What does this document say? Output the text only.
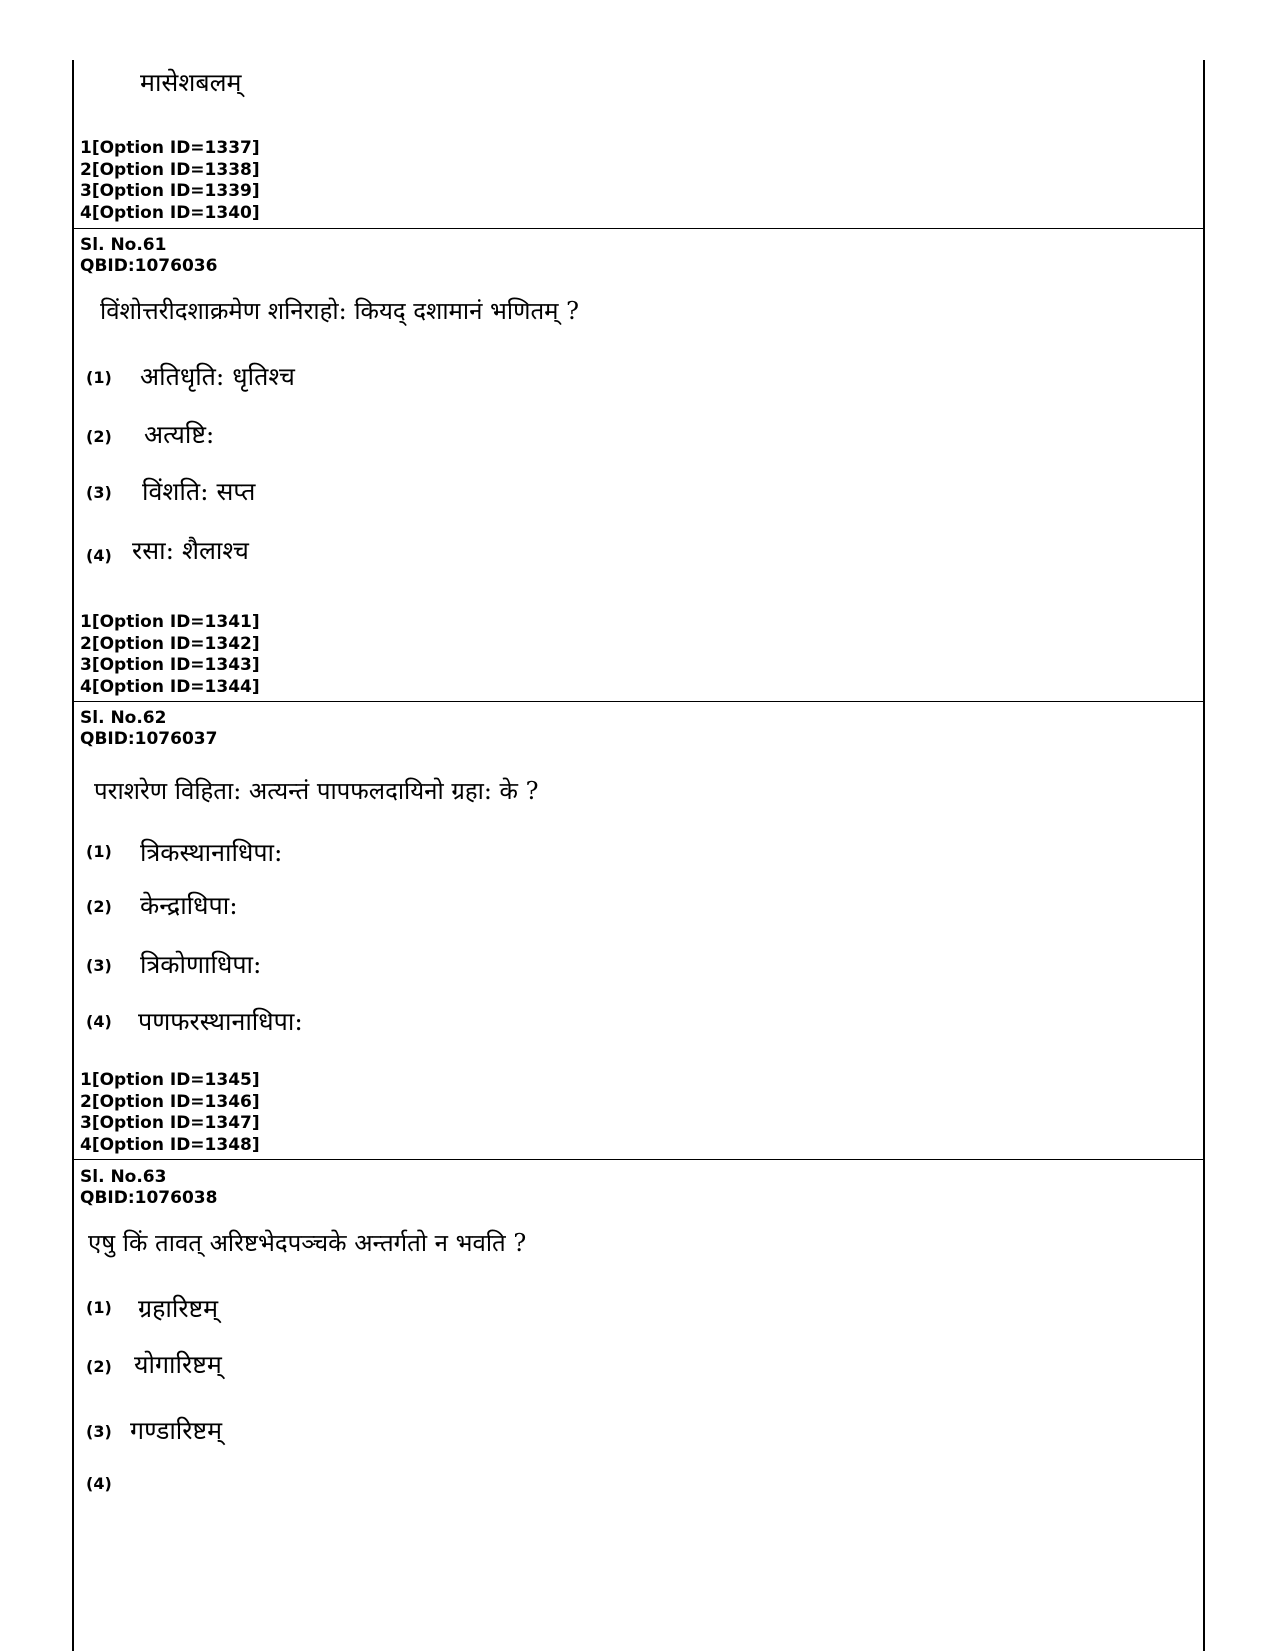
मासेशबलम्
1[Option ID=1337]
2[Option ID=1338]
3[Option ID=1339]
4[Option ID=1340]
Sl. No.61
QBID:1076036
विंशोत्तरीदशाक्रमेण शनिराहो: कियद् दशामानं भणितम् ?
(1) अतिधृति: धृतिश्च
(2) अत्यष्टि:
(3) विंशति: सप्त
(4) रसा: शैलाश्च
1[Option ID=1341]
2[Option ID=1342]
3[Option ID=1343]
4[Option ID=1344]
Sl. No.62
QBID:1076037
पराशरेण विहिता: अत्यन्तं पापफलदायिनो ग्रहा: के ?
(1) त्रिकस्थानाधिपा:
(2) केन्द्राधिपा:
(3) त्रिकोणाधिपा:
(4) पणफरस्थानाधिपा:
1[Option ID=1345]
2[Option ID=1346]
3[Option ID=1347]
4[Option ID=1348]
Sl. No.63
QBID:1076038
एषु किं तावत् अरिष्टभेदपञ्चके अन्तर्गतो न भवति ?
(1) ग्रहारिष्टम्
(2) योगारिष्टम्
(3) गण्डारिष्टम्
(4)
